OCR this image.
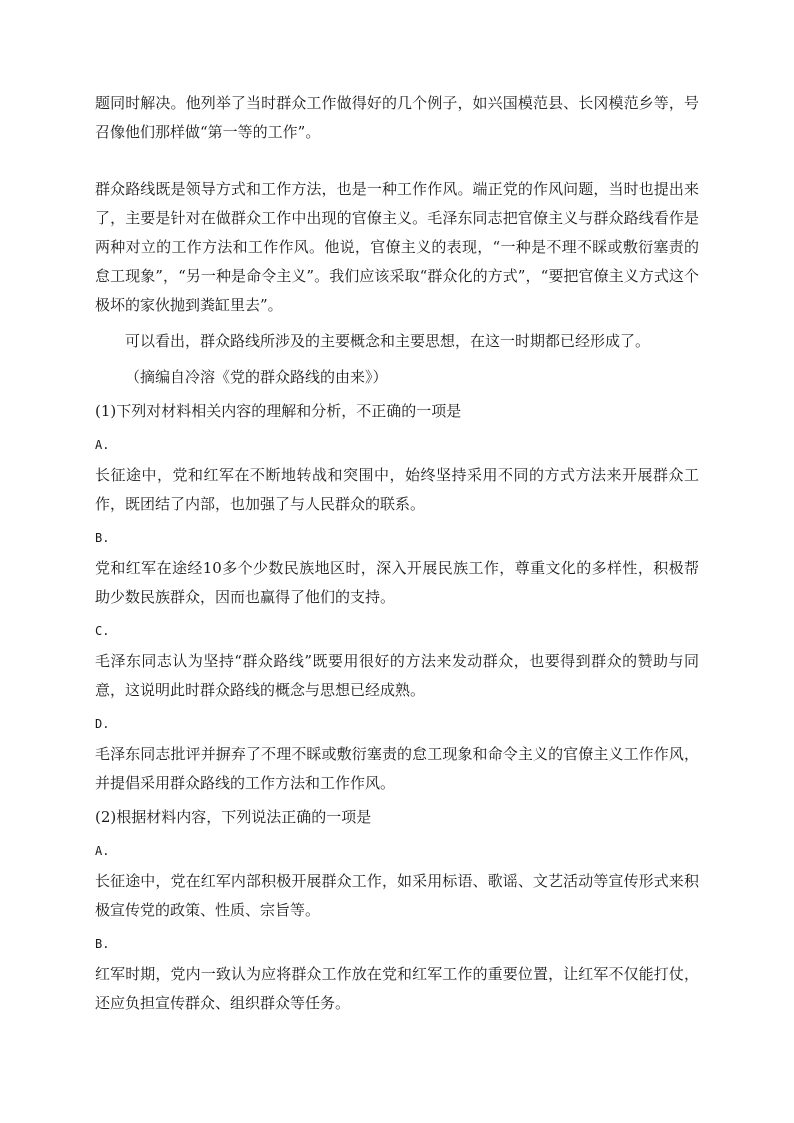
题同时解决。他列举了当时群众工作做得好的几个例子，如兴国模范县、长冈模范乡等，号召像他们那样做“第一等的工作”。

群众路线既是领导方式和工作方法，也是一种工作作风。端正党的作风问题，当时也提出来了，主要是针对在做群众工作中出现的官僚主义。毛泽东同志把官僚主义与群众路线看作是两种对立的工作方法和工作作风。他说，官僚主义的表现，“一种是不理不睬或敷衍塞责的怠工现象”，“另一种是命令主义”。我们应该采取“群众化的方式”，“要把官僚主义方式这个极坏的家伙抛到粪缸里去”。

可以看出，群众路线所涉及的主要概念和主要思想，在这一时期都已经形成了。

（摘编自冷溶《党的群众路线的由来》）

(1)下列对材料相关内容的理解和分析，不正确的一项是

A.

长征途中，党和红军在不断地转战和突围中，始终坚持采用不同的方式方法来开展群众工作，既团结了内部，也加强了与人民群众的联系。

B.

党和红军在途经10多个少数民族地区时，深入开展民族工作，尊重文化的多样性，积极帮助少数民族群众，因而也赢得了他们的支持。

C.

毛泽东同志认为坚持“群众路线”既要用很好的方法来发动群众，也要得到群众的赞助与同意，这说明此时群众路线的概念与思想已经成熟。

D.

毛泽东同志批评并摒弃了不理不睬或敷衍塞责的怠工现象和命令主义的官僚主义工作作风，并提倡采用群众路线的工作方法和工作作风。

(2)根据材料内容，下列说法正确的一项是

A.

长征途中，党在红军内部积极开展群众工作，如采用标语、歌谣、文艺活动等宣传形式来积极宣传党的政策、性质、宗旨等。

B.

红军时期，党内一致认为应将群众工作放在党和红军工作的重要位置，让红军不仅能打仗，还应负担宣传群众、组织群众等任务。
